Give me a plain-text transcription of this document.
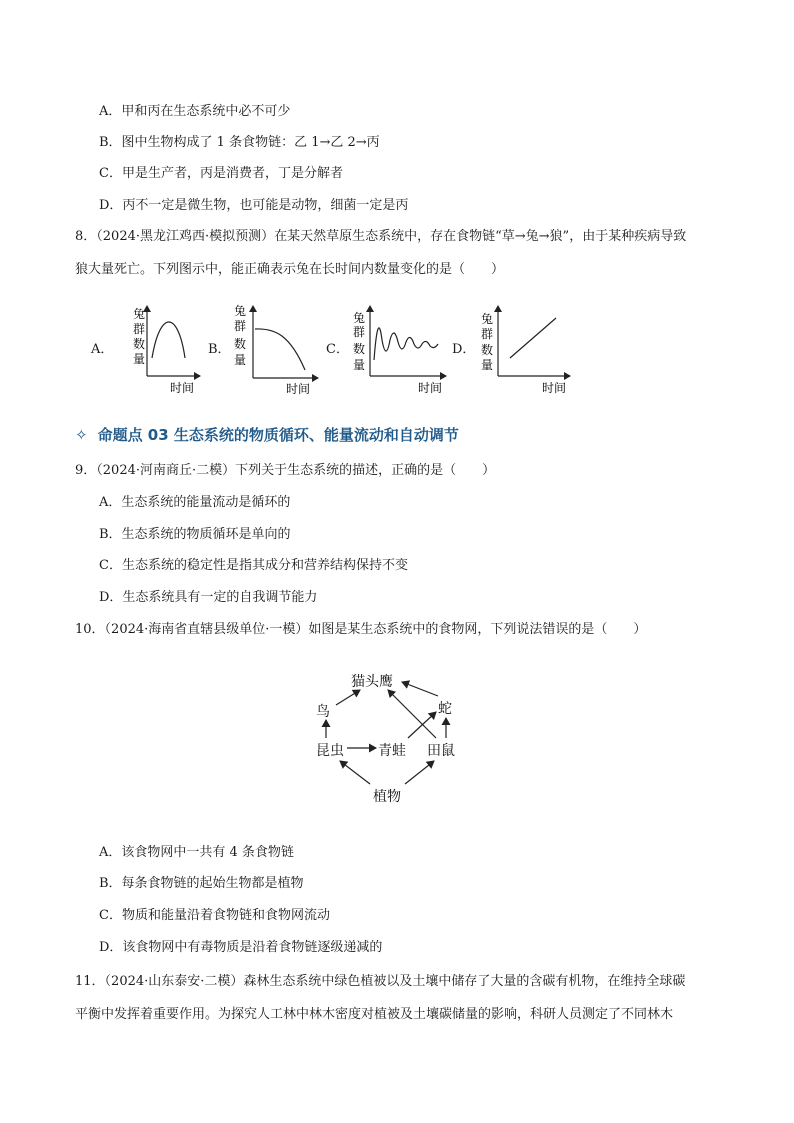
A．甲和丙在生态系统中必不可少
B．图中生物构成了 1 条食物链：乙 1→乙 2→丙
C．甲是生产者，丙是消费者，丁是分解者
D．丙不一定是微生物，也可能是动物，细菌一定是丙
8．（2024·黑龙江鸡西·模拟预测）在某天然草原生态系统中，存在食物链“草→兔→狼”，由于某种疾病导致
狼大量死亡。下列图示中，能正确表示兔在长时间内数量变化的是（　　）
A．	B．	C．	D．
兔
群
数
量
时间
兔
群
数
量
时间
兔
群
数
量
时间
兔
群
数
量
时间
✧ 命题点 03 生态系统的物质循环、能量流动和自动调节
9．（2024·河南商丘·二模）下列关于生态系统的描述，正确的是（　　）
A．生态系统的能量流动是循环的
B．生态系统的物质循环是单向的
C．生态系统的稳定性是指其成分和营养结构保持不变
D．生态系统具有一定的自我调节能力
10．（2024·海南省直辖县级单位·一模）如图是某生态系统中的食物网，下列说法错误的是（　　）
猫头鹰
鸟	蛇
昆虫 青蛙 田鼠
植物
A．该食物网中一共有 4 条食物链
B．每条食物链的起始生物都是植物
C．物质和能量沿着食物链和食物网流动
D．该食物网中有毒物质是沿着食物链逐级递减的
11．（2024·山东泰安·二模）森林生态系统中绿色植被以及土壤中储存了大量的含碳有机物，在维持全球碳
平衡中发挥着重要作用。为探究人工林中林木密度对植被及土壤碳储量的影响，科研人员测定了不同林木
